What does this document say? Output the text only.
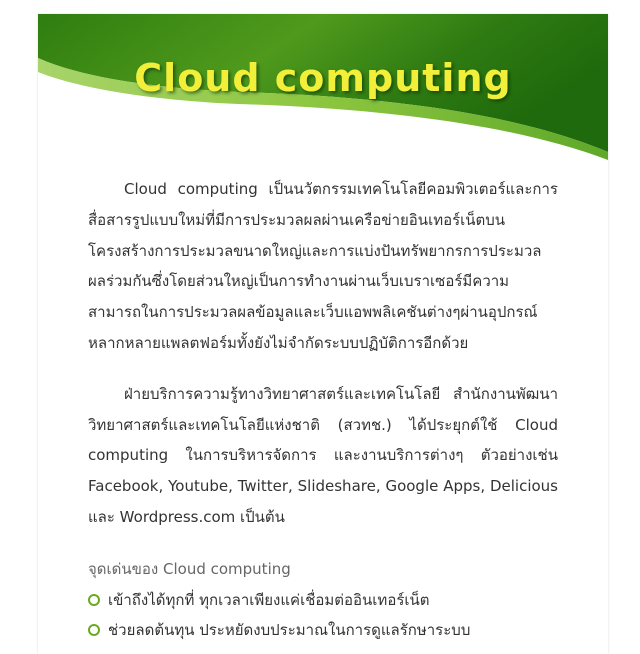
Cloud computing

Cloud computing เป็นนวัตกรรมเทคโนโลยีคอมพิวเตอร์และการสื่อสารรูปแบบใหม่ที่มีการประมวลผลผ่านเครือข่ายอินเทอร์เน็ตบนโครงสร้างการประมวลขนาดใหญ่และการแบ่งปันทรัพยากรการประมวลผลร่วมกันซึ่งโดยส่วนใหญ่เป็นการทำงานผ่านเว็บเบราเซอร์มีความสามารถในการประมวลผลข้อมูลและเว็บแอพพลิเคชันต่างๆผ่านอุปกรณ์หลากหลายแพลตฟอร์มทั้งยังไม่จำกัดระบบปฏิบัติการอีกด้วย

ฝ่ายบริการความรู้ทางวิทยาศาสตร์และเทคโนโลยี สำนักงานพัฒนาวิทยาศาสตร์และเทคโนโลยีแห่งชาติ (สวทช.) ได้ประยุกต์ใช้ Cloud computing ในการบริหารจัดการ และงานบริการต่างๆ ตัวอย่างเช่น Facebook, Youtube, Twitter, Slideshare, Google Apps, Delicious และ Wordpress.com เป็นต้น

จุดเด่นของ Cloud computing
เข้าถึงได้ทุกที่ ทุกเวลาเพียงแค่เชื่อมต่ออินเทอร์เน็ต
ช่วยลดต้นทุน ประหยัดงบประมาณในการดูแลรักษาระบบ
